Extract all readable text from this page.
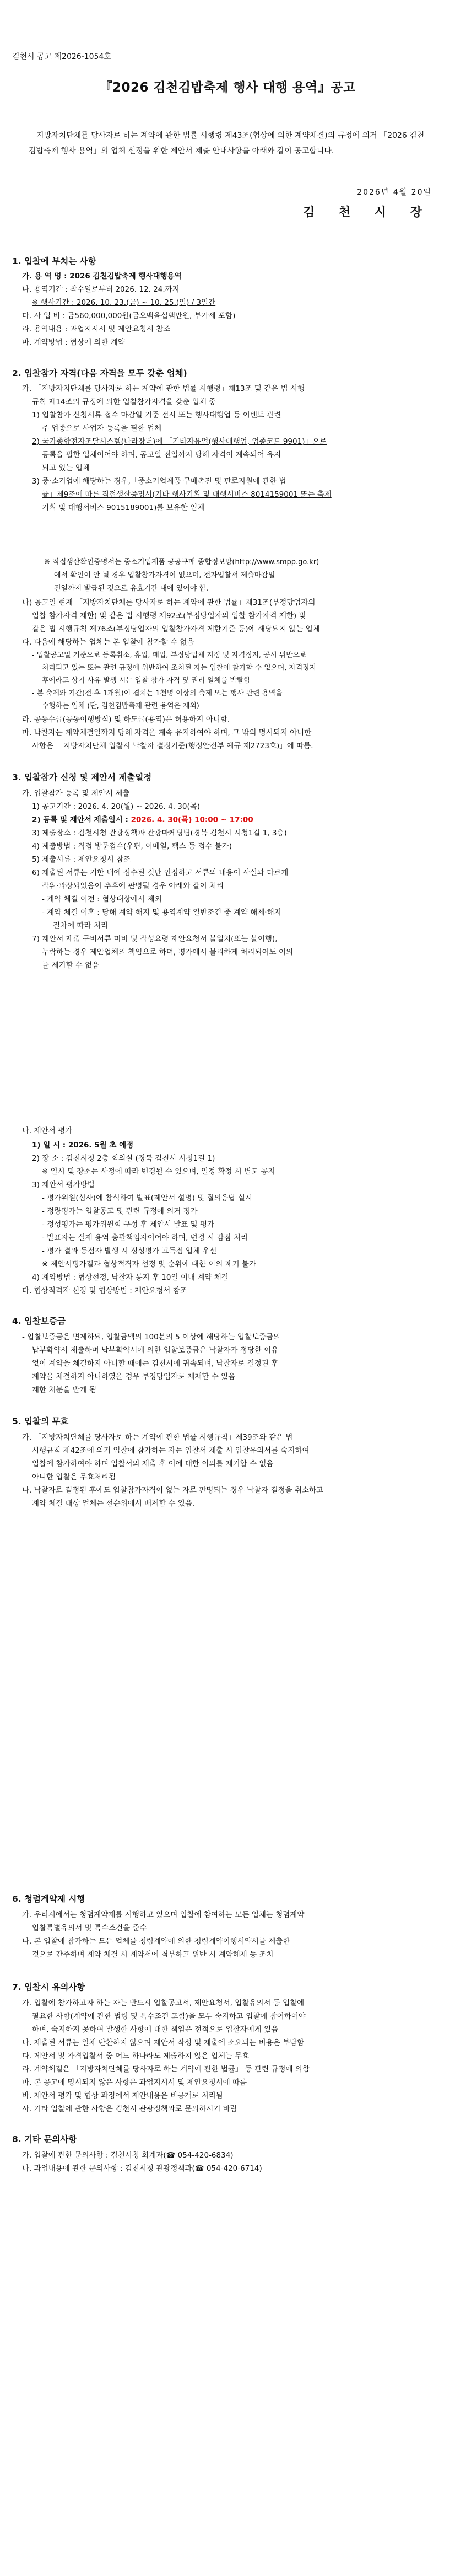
김천시 공고 제2026-1054호
『2026 김천김밥축제 행사 대행 용역』공고
지방자치단체를 당사자로 하는 계약에 관한 법률 시행령 제43조(협상에 의한 계약체결)의 규정에 의거 「2026 김천김밥축제 행사 용역」의 업체 선정을 위한 제안서 제출 안내사항을 아래와 같이 공고합니다.
2026년 4월 20일
김 천 시 장
1. 입찰에 부치는 사항
가. 용 역 명 : 2026 김천김밥축제 행사대행용역
나. 용역기간 : 착수일로부터 2026. 12. 24.까지
※ 행사기간 : 2026. 10. 23.(금) ~ 10. 25.(일) / 3일간
다. 사 업 비 : 금560,000,000원(금오백육십백만원, 부가세 포함)
라. 용역내용 : 과업지시서 및 제안요청서 참조
마. 계약방법 : 협상에 의한 계약
2. 입찰참가 자격(다음 자격을 모두 갖춘 업체)
가. 「지방자치단체를 당사자로 하는 계약에 관한 법률 시행령」제13조 및 같은 법 시행
규칙 제14조의 규정에 의한 입찰참가자격을 갖춘 업체 중
1) 입찰참가 신청서류 접수 마감일 기준 전시 또는 행사대행업 등 이벤트 관련
주 업종으로 사업자 등록을 필한 업체
2) 국가종합전자조달시스템(나라장터)에 「기타자유업(행사대행업, 업종코드 9901)」으로
등록을 필한 업체이어야 하며, 공고일 전일까지 당해 자격이 계속되어 유지
되고 있는 업체
3) 중·소기업에 해당하는 경우,「중소기업제품 구매촉진 및 판로지원에 관한 법
률」제9조에 따른 직접생산증명서(기타 행사기획 및 대행서비스 8014159001 또는 축제
기획 및 대행서비스 9015189001)를 보유한 업체
※ 직접생산확인증명서는 중소기업제품 공공구매 종합정보망(http://www.smpp.go.kr)
에서 확인이 안 될 경우 입찰참가자격이 없으며, 전자입찰서 제출마감일
전일까지 발급된 것으로 유효기간 내에 있어야 함.
나) 공고일 현재 「지방자치단체를 당사자로 하는 계약에 관한 법률」제31조(부정당업자의
입찰 참가자격 제한) 및 같은 법 시행령 제92조(부정당업자의 입찰 참가자격 제한) 및
같은 법 시행규칙 제76조(부정당업자의 입찰참가자격 제한기준 등)에 해당되지 않는 업체
다. 다음에 해당하는 업체는 본 입찰에 참가할 수 없음
- 입찰공고일 기준으로 등록취소, 휴업, 폐업, 부정당업체 지정 및 자격정지, 공시 위반으로
처리되고 있는 또는 관련 규정에 위반하여 조치된 자는 입찰에 참가할 수 없으며, 자격정지
후에라도 상기 사유 발생 시는 입찰 참가 자격 및 권리 일체를 박탈함
- 본 축제와 기간(전·후 1개월)이 겹치는 1천명 이상의 축제 또는 행사 관련 용역을
수행하는 업체 (단, 김천김밥축제 관련 용역은 제외)
라. 공동수급(공동이행방식) 및 하도급(용역)은 허용하지 아니함.
마. 낙찰자는 계약체결일까지 당해 자격을 계속 유지하여야 하며, 그 밖의 명시되지 아니한
사항은 「지방자치단체 입찰시 낙찰자 결정기준(행정안전부 예규 제2723호)」에 따름.
3. 입찰참가 신청 및 제안서 제출일정
가. 입찰참가 등록 및 제안서 제출
1) 공고기간 : 2026. 4. 20(월) ~ 2026. 4. 30(목)
2) 등록 및 제안서 제출일시 : 2026. 4. 30(목) 10:00 ~ 17:00
3) 제출장소 : 김천시청 관광정책과 관광마케팅팀(경북 김천시 시청1길 1, 3층)
4) 제출방법 : 직접 방문접수(우편, 이메일, 팩스 등 접수 불가)
5) 제출서류 : 제안요청서 참조
6) 제출된 서류는 기한 내에 접수된 것만 인정하고 서류의 내용이 사실과 다르게
작위·과장되었음이 추후에 판명될 경우 아래와 같이 처리
- 계약 체결 이전 : 협상대상에서 제외
- 계약 체결 이후 : 당해 계약 해지 및 용역계약 일반조건 중 계약 해제·해지
절차에 따라 처리
7) 제안서 제출 구비서류 미비 및 작성요령 제안요청서 불일치(또는 불이행),
누락하는 경우 제안업체의 책임으로 하며, 평가에서 불리하게 처리되어도 이의
를 제기할 수 없음
나. 제안서 평가
1) 일 시 : 2026. 5월 초 예정
2) 장 소 : 김천시청 2층 회의실 (경북 김천시 시청1길 1)
※ 일시 및 장소는 사정에 따라 변경될 수 있으며, 일정 확정 시 별도 공지
3) 제안서 평가방법
- 평가위원(심사)에 참석하여 발표(제안서 설명) 및 질의응답 실시
- 정량평가는 입찰공고 및 관련 규정에 의거 평가
- 정성평가는 평가위원회 구성 후 제안서 발표 및 평가
- 발표자는 실제 용역 총괄책임자이어야 하며, 변경 시 감점 처리
- 평가 결과 동점자 발생 시 정성평가 고득점 업체 우선
※ 제안서평가결과 협상적격자 선정 및 순위에 대한 이의 제기 불가
4) 계약방법 : 협상선정, 낙찰자 통지 후 10일 이내 계약 체결
다. 협상적격자 선정 및 협상방법 : 제안요청서 참조
4. 입찰보증금
- 입찰보증금은 면제하되, 입찰금액의 100분의 5 이상에 해당하는 입찰보증금의
납부확약서 제출하며 납부확약서에 의한 입찰보증금은 낙찰자가 정당한 이유
없이 계약을 체결하지 아니할 때에는 김천시에 귀속되며, 낙찰자로 결정된 후
계약을 체결하지 아니하였을 경우 부정당업자로 제재할 수 있음
제한 처분을 받게 됨
5. 입찰의 무효
가. 「지방자치단체를 당사자로 하는 계약에 관한 법률 시행규칙」제39조와 같은 법
시행규칙 제42조에 의거 입찰에 참가하는 자는 입찰서 제출 시 입찰유의서를 숙지하여
입찰에 참가하여야 하며 입찰서의 제출 후 이에 대한 이의를 제기할 수 없음
아니한 입찰은 무효처리됨
나. 낙찰자로 결정된 후에도 입찰참가자격이 없는 자로 판명되는 경우 낙찰자 결정을 취소하고
계약 체결 대상 업체는 선순위에서 배제할 수 있음.
6. 청렴계약제 시행
가. 우리시에서는 청렴계약제를 시행하고 있으며 입찰에 참여하는 모든 업체는 청렴계약
입찰특별유의서 및 특수조건을 준수
나. 본 입찰에 참가하는 모든 업체를 청렴계약에 의한 청렴계약이행서약서를 제출한
것으로 간주하며 계약 체결 시 계약서에 첨부하고 위반 시 계약해제 등 조치
7. 입찰시 유의사항
가. 입찰에 참가하고자 하는 자는 반드시 입찰공고서, 제안요청서, 입찰유의서 등 입찰에
필요한 사항(계약에 관한 법령 및 특수조건 포함)을 모두 숙지하고 입찰에 참여하여야
하며, 숙지하지 못하여 발생한 사항에 대한 책임은 전적으로 입찰자에게 있음
나. 제출된 서류는 일체 반환하지 않으며 제안서 작성 및 제출에 소요되는 비용은 부담함
다. 제안서 및 가격입찰서 중 어느 하나라도 제출하지 않은 업체는 무효
라. 계약체결은 「지방자치단체를 당사자로 하는 계약에 관한 법률」 등 관련 규정에 의함
마. 본 공고에 명시되지 않은 사항은 과업지시서 및 제안요청서에 따름
바. 제안서 평가 및 협상 과정에서 제안내용은 비공개로 처리됨
사. 기타 입찰에 관한 사항은 김천시 관광정책과로 문의하시기 바람
8. 기타 문의사항
가. 입찰에 관한 문의사항 : 김천시청 회계과(☎ 054-420-6834)
나. 과업내용에 관한 문의사항 : 김천시청 관광정책과(☎ 054-420-6714)
